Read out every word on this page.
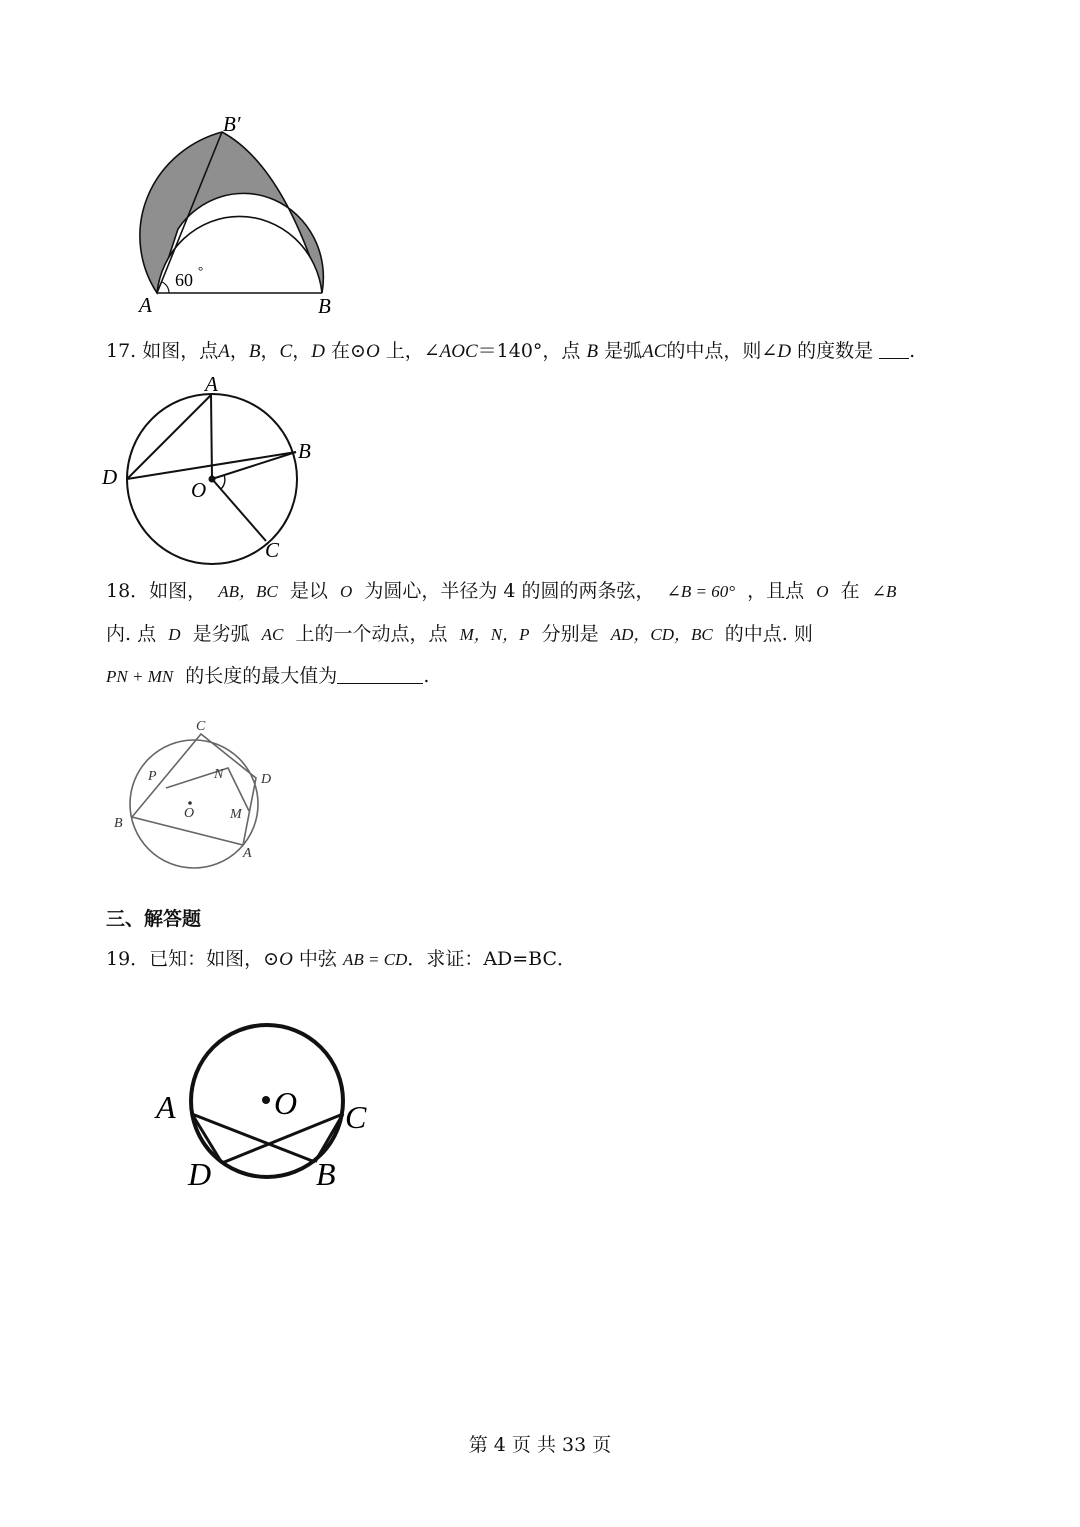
B′
60 °
A	B
17. 如图，点A，B，C，D 在⊙O 上，∠AOC＝140°，点 B 是弧AC的中点，则∠D 的度数是 .
A
B
C
D
O
18．如图， AB，BC 是以 O 为圆心，半径为 4 的圆的两条弦， ∠B = 60° ，且点 O 在 ∠B
内. 点 D 是劣弧 AC 上的一个动点，点 M，N，P 分别是 AD，CD，BC 的中点. 则
PN + MN 的长度的最大值为	.
C
P	N	D
O	M
B
A
三、解答题
19．已知：如图，⊙O 中弦 AB = CD．求证：AD=BC．
A	O C
D	B
第 4 页 共 33 页
